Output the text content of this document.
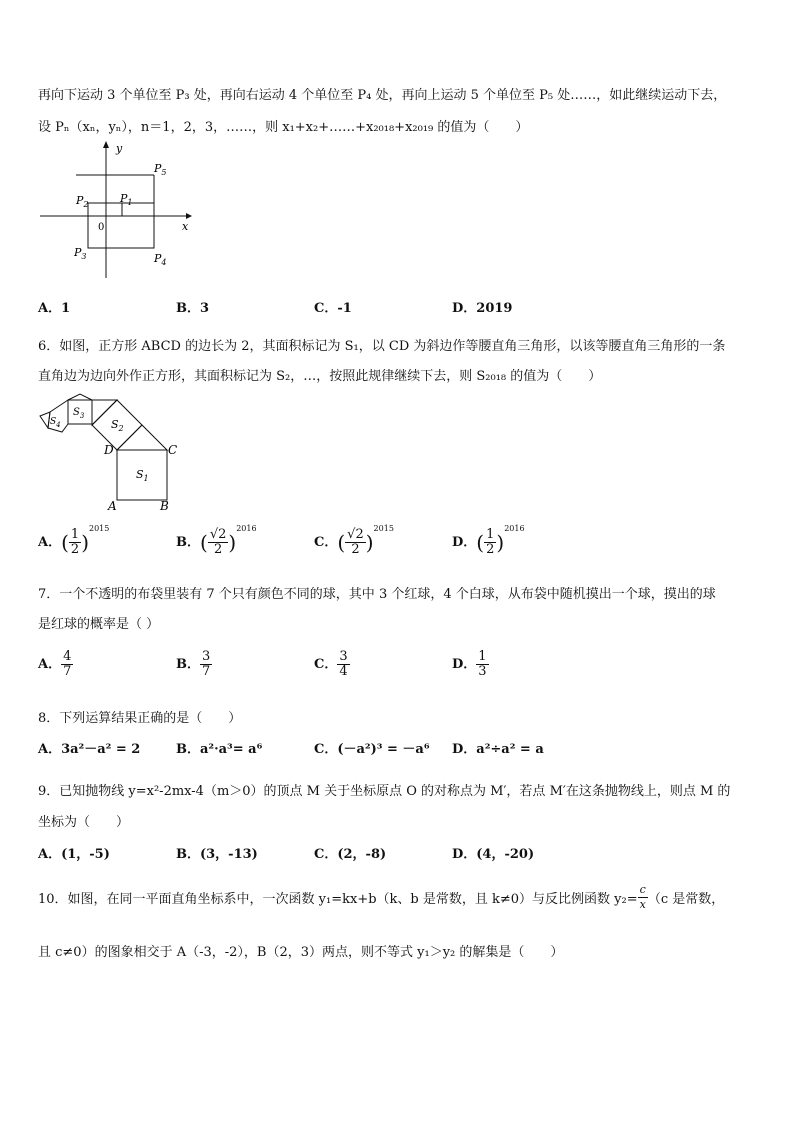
再向下运动 3 个单位至 P₃ 处，再向右运动 4 个单位至 P₄ 处，再向上运动 5 个单位至 P₅ 处……，如此继续运动下去，
设 Pₙ（xₙ，yₙ），n＝1，2，3，……，则 x₁+x₂+……+x₂₀₁₈+x₂₀₁₉ 的值为（　　）
y
x
0
$P_1$
$P_2$
$P_3$	$P_4$
$P_5$
A．1	B．3	C．-1	D．2019
6．如图，正方形 ABCD 的边长为 2，其面积标记为 S₁，以 CD 为斜边作等腰直角三角形，以该等腰直角三角形的一条
直角边为边向外作正方形，其面积标记为 S₂，…，按照此规律继续下去，则 S₂₀₁₈ 的值为（　　）
$S_1$
$S_2$
$S_3$
$S_4$
D	C
A	B
A．( $\frac{1}{2} )^{2015}$
B．( $\frac{√2}{2} )^{2016}$
C．( $\frac{√2}{2} )^{2015}$
D．( $\frac{1}{2} )^{2016}$
7．一个不透明的布袋里装有 7 个只有颜色不同的球，其中 3 个红球，4 个白球，从布袋中随机摸出一个球，摸出的球
是红球的概率是（ ）
A． $\frac{4}{7}$	B． $\frac{3}{7}$	C． $\frac{3}{4}$	D． $\frac{1}{3}$
8．下列运算结果正确的是（　　）
A．3a²－a² = 2	B．a²·a³= a⁶	C．(－a²)³ = －a⁶ D．a²÷a² = a
9．已知抛物线 y=x²-2mx-4（m＞0）的顶点 M 关于坐标原点 O 的对称点为 M′，若点 M′在这条抛物线上，则点 M 的
坐标为（　　）
A．(1，-5)	B．(3，-13)	C．(2，-8)	D．(4，-20)
10．如图，在同一平面直角坐标系中，一次函数 y₁=kx+b（k、b 是常数，且 k≠0）与反比例函数 $y_2= \frac{c}{x} (c$ 是常数，
且 c≠0）的图象相交于 A（-3，-2），B（2，3）两点，则不等式 y₁＞y₂ 的解集是（　　）
